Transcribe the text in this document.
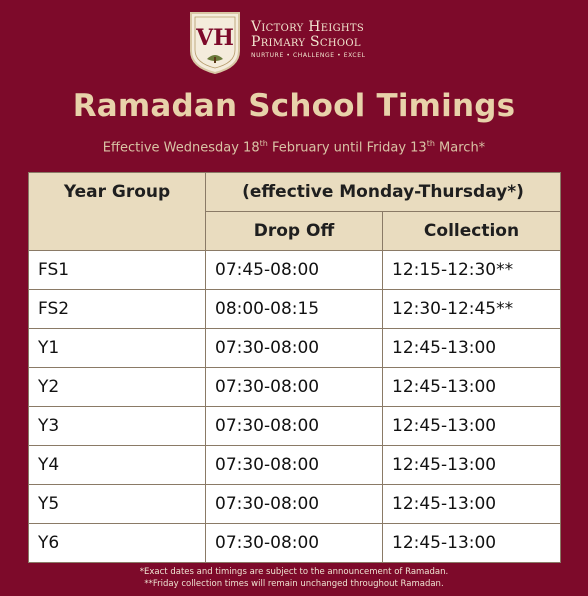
VH Victory Heights
Primary School
NURTURE • CHALLENGE • EXCEL
Ramadan School Timings
Effective Wednesday 18th February until Friday 13th March*
Year Group	(effective Monday-Thursday*)	
	Drop Off	Collection
FS1	07:45-08:00	12:15-12:30**
FS2	08:00-08:15	12:30-12:45**
Y1	07:30-08:00	12:45-13:00
Y2	07:30-08:00	12:45-13:00
Y3	07:30-08:00	12:45-13:00
Y4	07:30-08:00	12:45-13:00
Y5	07:30-08:00	12:45-13:00
Y6	07:30-08:00	12:45-13:00
*Exact dates and timings are subject to the announcement of Ramadan.
**Friday collection times will remain unchanged throughout Ramadan.
